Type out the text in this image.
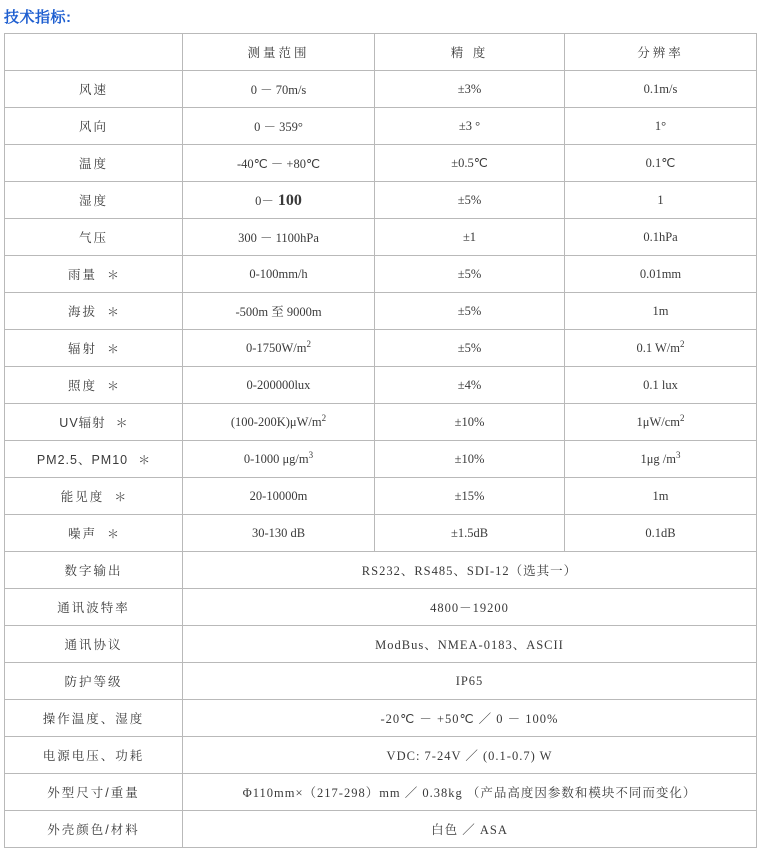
技术指标:
	测量范围	精 度	分辨率
风速	0 － 70m/s	±3%	0.1m/s
风向	0 － 359°	±3 °	1°
温度	-40℃ － +80℃	±0.5℃	0.1℃
湿度	0－ 100	±5%	1
气压	300 － 1100hPa	±1	0.1hPa
雨量 ＊	0-100mm/h	±5%	0.01mm
海拔 ＊	-500m 至 9000m	±5%	1m
辐射 ＊	$0-1750W/m^2$	±5%	0.1 $W/m^2$
照度 ＊	0-200000lux	±4%	0.1 lux
UV辐射 ＊	$(100-200K)\mu W/m^2$	±10%	$1\mu W/cm^2$
PM2.5、PM10 ＊	0-1000 $\mu g/m^3$	±10%	1μg $/m^3$
能见度 ＊	20-10000m	±15%	1m
噪声 ＊	30-130 dB	±1.5dB	0.1dB
数字输出	RS232、RS485、SDI-12（选其一）		
通讯波特率	4800－19200		
通讯协议	ModBus、NMEA-0183、ASCII		
防护等级	IP65		
操作温度、湿度	-20℃ － +50℃ ／ 0 － 100%		
电源电压、功耗	VDC: 7-24V ／ (0.1-0.7) W		
外型尺寸/重量	Φ110mm×（217-298）mm ／ 0.38kg （产品高度因参数和模块不同而变化）		
外壳颜色/材料	白色 ／ ASA		
